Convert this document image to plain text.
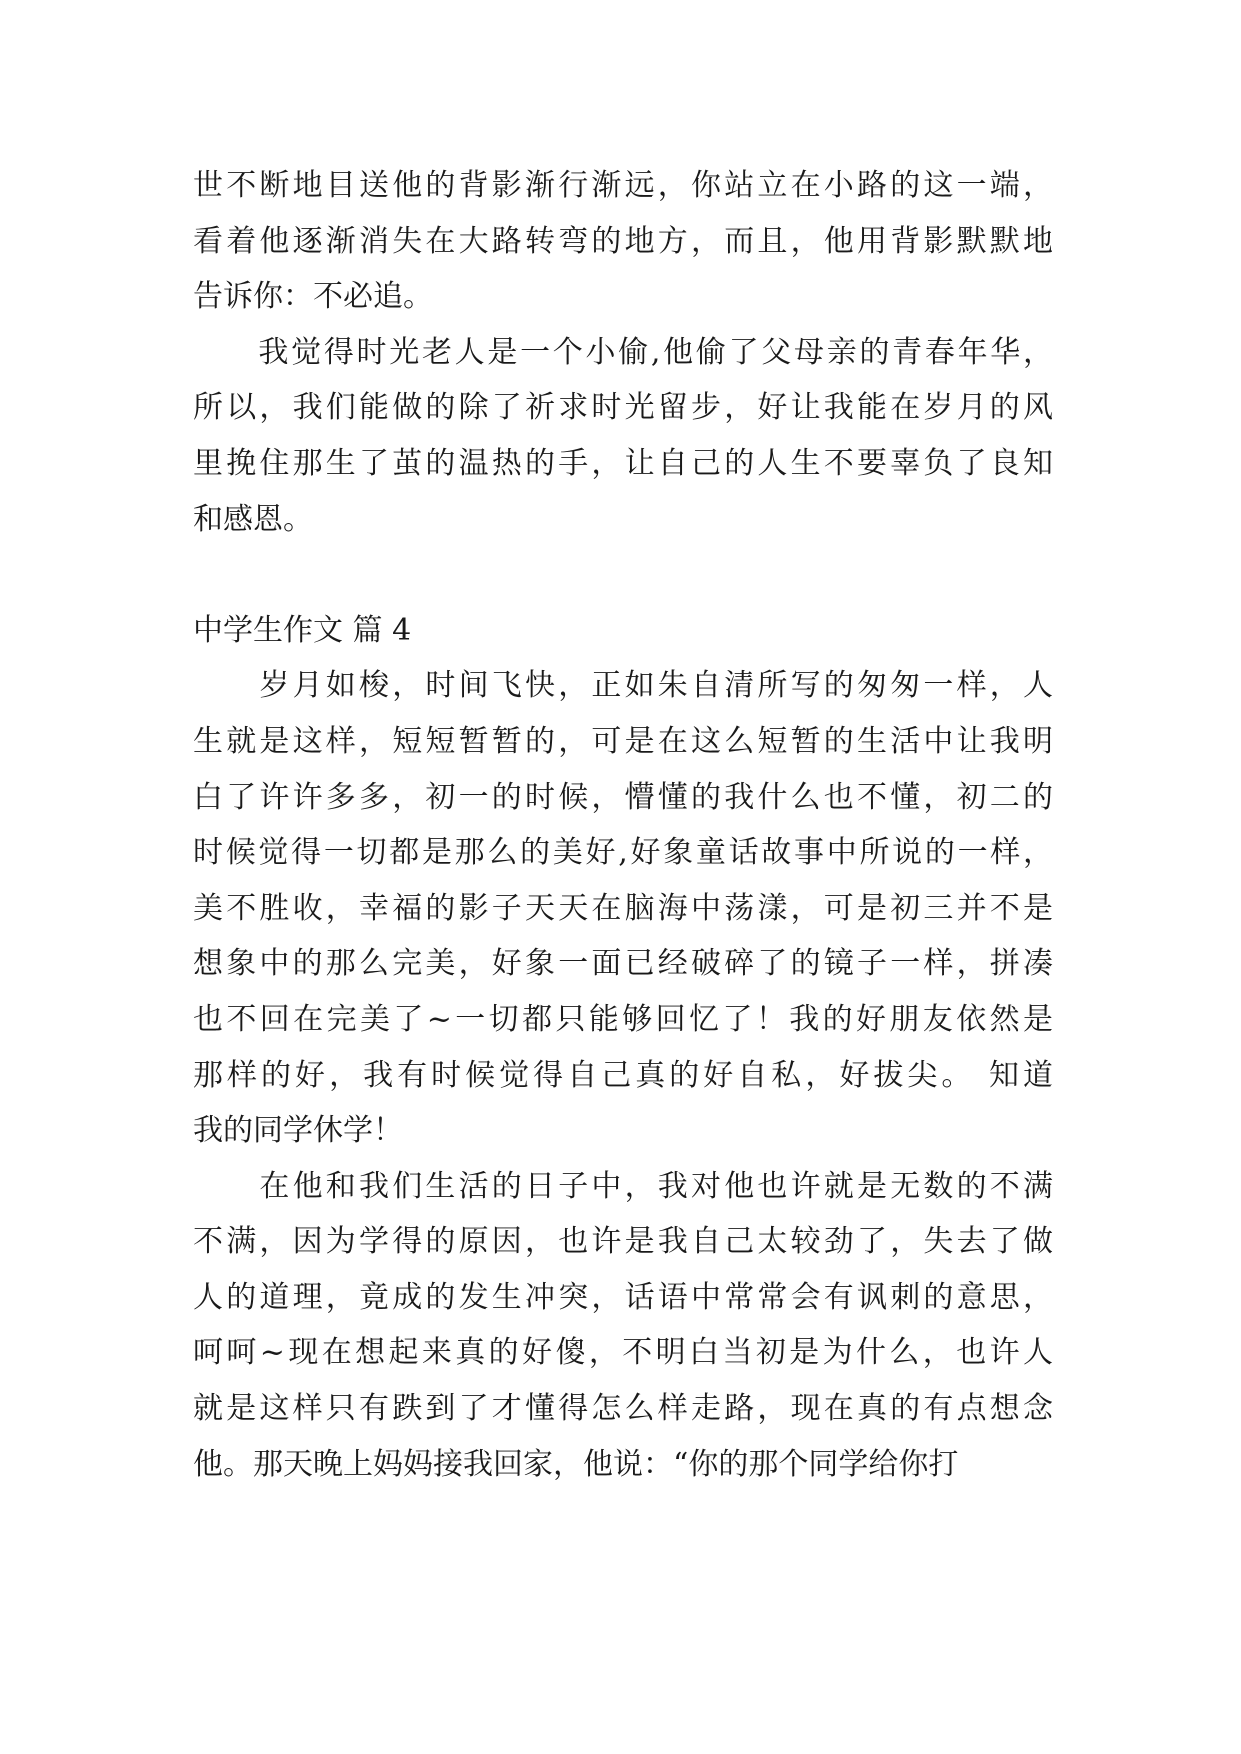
世不断地目送他的背影渐行渐远，你站立在小路的这一端，

看着他逐渐消失在大路转弯的地方，而且，他用背影默默地

告诉你：不必追。

　　我觉得时光老人是一个小偷,他偷了父母亲的青春年华，

所以，我们能做的除了祈求时光留步，好让我能在岁月的风

里挽住那生了茧的温热的手，让自己的人生不要辜负了良知

和感恩。

中学生作文 篇 4

　　岁月如梭，时间飞快，正如朱自清所写的匆匆一样，人

生就是这样，短短暂暂的，可是在这么短暂的生活中让我明

白了许许多多，初一的时候，懵懂的我什么也不懂，初二的

时候觉得一切都是那么的美好,好象童话故事中所说的一样，

美不胜收，幸福的影子天天在脑海中荡漾，可是初三并不是

想象中的那么完美，好象一面已经破碎了的镜子一样，拼凑

也不回在完美了~一切都只能够回忆了！我的好朋友依然是

那样的好，我有时候觉得自己真的好自私，好拔尖。 知道

我的同学休学！

　　在他和我们生活的日子中，我对他也许就是无数的不满

不满，因为学得的原因，也许是我自己太较劲了，失去了做

人的道理，竟成的发生冲突，话语中常常会有讽刺的意思，

呵呵~现在想起来真的好傻，不明白当初是为什么，也许人

就是这样只有跌到了才懂得怎么样走路，现在真的有点想念

他。那天晚上妈妈接我回家，他说：“你的那个同学给你打
